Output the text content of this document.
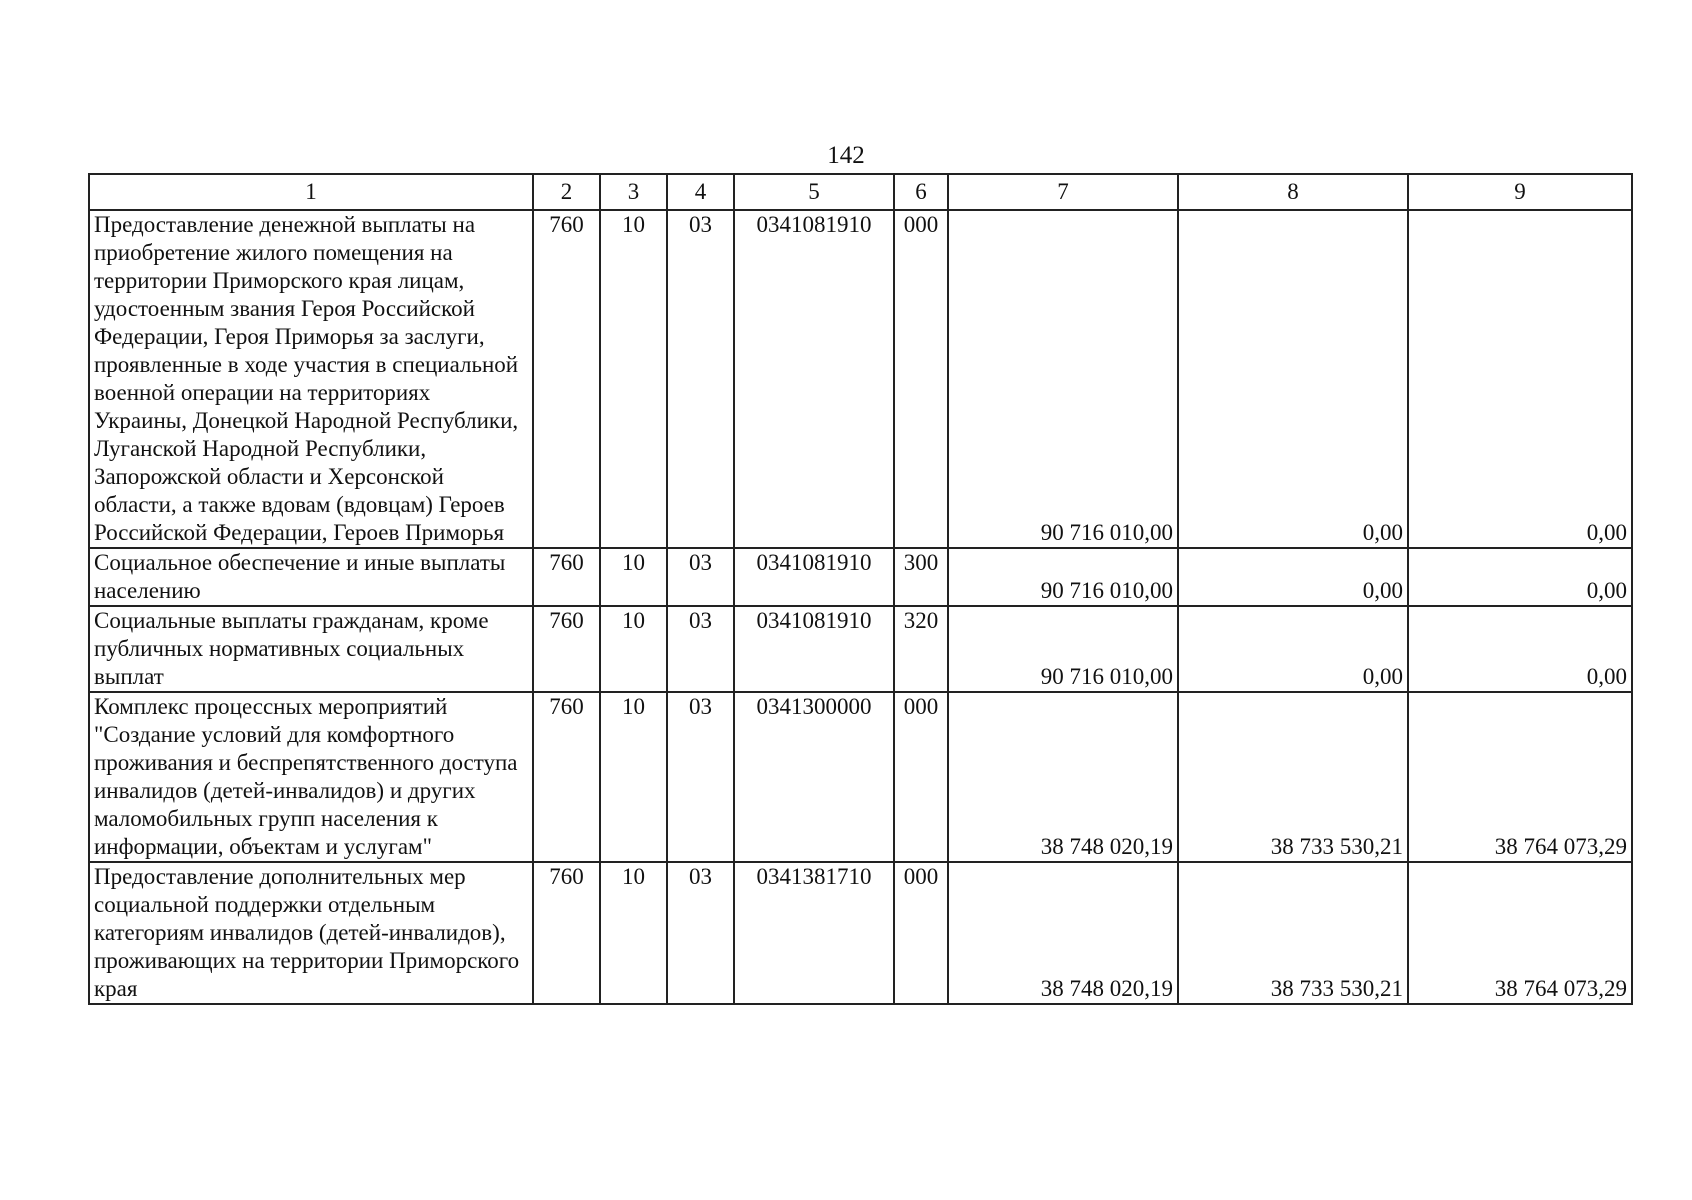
142
1	2	3	4	5	6	7	8	9
Предоставление денежной выплаты на приобретение жилого помещения на территории Приморского края лицам, удостоенным звания Героя Российской Федерации, Героя Приморья за заслуги, проявленные в ходе участия в специальной военной операции на территориях Украины, Донецкой Народной Республики, Луганской Народной Республики, Запорожской области и Херсонской области, а также вдовам (вдовцам) Героев Российской Федерации, Героев Приморья	760	10	03	0341081910	000	90 716 010,00	0,00	0,00
Социальное обеспечение и иные выплаты населению	760	10	03	0341081910	300	90 716 010,00	0,00	0,00
Социальные выплаты гражданам, кроме публичных нормативных социальных выплат	760	10	03	0341081910	320	90 716 010,00	0,00	0,00
Комплекс процессных мероприятий "Создание условий для комфортного проживания и беспрепятственного доступа инвалидов (детей-инвалидов) и других маломобильных групп населения к информации, объектам и услугам"	760	10	03	0341300000	000	38 748 020,19	38 733 530,21	38 764 073,29
Предоставление дополнительных мер социальной поддержки отдельным категориям инвалидов (детей-инвалидов), проживающих на территории Приморского края	760	10	03	0341381710	000	38 748 020,19	38 733 530,21	38 764 073,29
